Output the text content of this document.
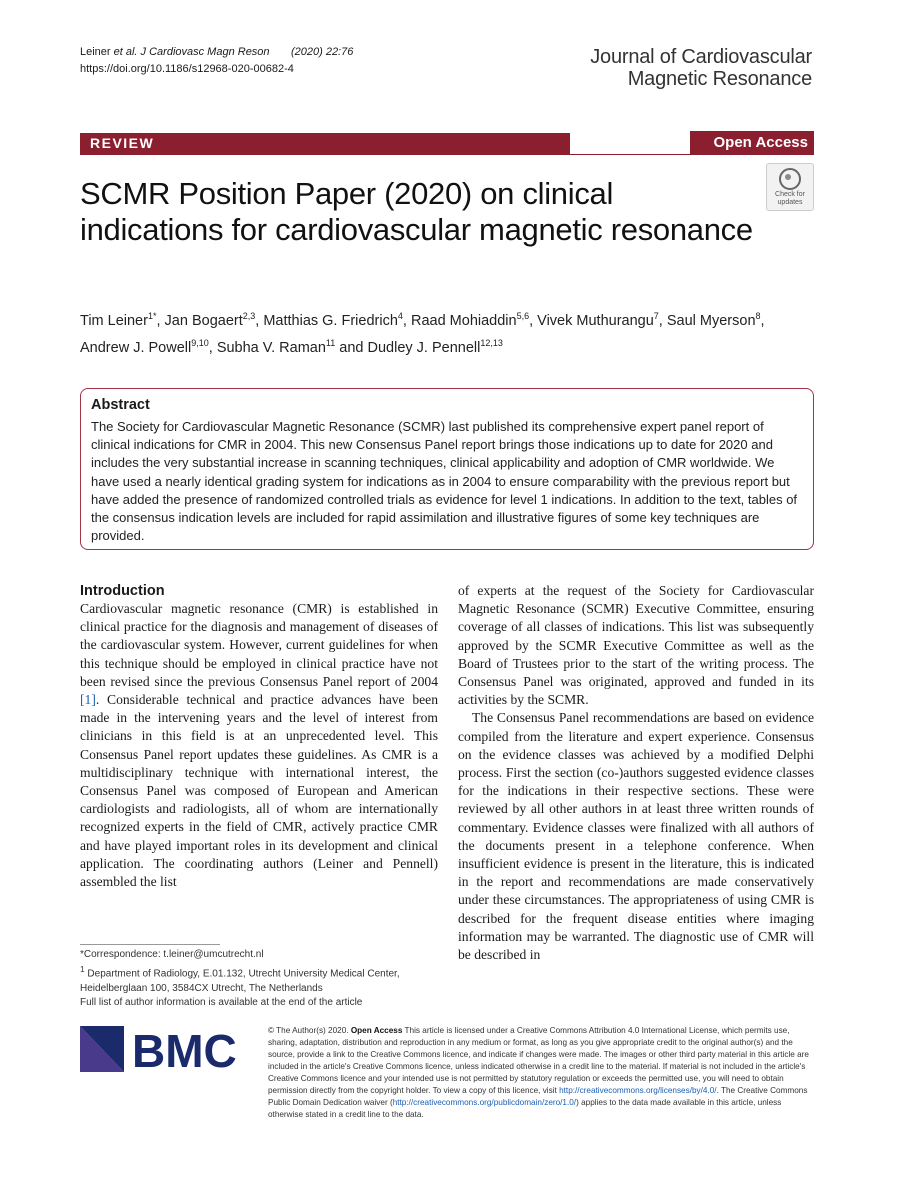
Leiner et al. J Cardiovasc Magn Reson (2020) 22:76
https://doi.org/10.1186/s12968-020-00682-4
Journal of Cardiovascular
Magnetic Resonance
REVIEW	Open Access
Check for
updates
SCMR Position Paper (2020) on clinical indications for cardiovascular magnetic resonance
Tim Leiner$^{1*}$, Jan Bogaert$^{2,3}$, Matthias G. Friedrich$^4$, Raad Mohiaddin$^{5,6}$, Vivek Muthurangu$^7$, Saul Myerson$^8$, Andrew J. Powell$^{9,10}$, Subha V. Raman$^{11}$ and Dudley J. Pennell$^{12,13}$
Abstract
The Society for Cardiovascular Magnetic Resonance (SCMR) last published its comprehensive expert panel report of clinical indications for CMR in 2004. This new Consensus Panel report brings those indications up to date for 2020 and includes the very substantial increase in scanning techniques, clinical applicability and adoption of CMR worldwide. We have used a nearly identical grading system for indications as in 2004 to ensure comparability with the previous report but have added the presence of randomized controlled trials as evidence for level 1 indications. In addition to the text, tables of the consensus indication levels are included for rapid assimilation and illustrative figures of some key techniques are provided.
Introduction
Cardiovascular magnetic resonance (CMR) is established in clinical practice for the diagnosis and management of diseases of the cardiovascular system. However, current guidelines for when this technique should be employed in clinical practice have not been revised since the previous Consensus Panel report of 2004 [1]. Considerable technical and practice advances have been made in the intervening years and the level of interest from clinicians in this field is at an unprecedented level. This Consensus Panel report updates these guidelines. As CMR is a multidisciplinary technique with international interest, the Consensus Panel was composed of European and American cardiologists and radiologists, all of whom are internationally recognized experts in the field of CMR, actively practice CMR and have played important roles in its development and clinical application. The coordinating authors (Leiner and Pennell) assembled the list
of experts at the request of the Society for Cardiovascular Magnetic Resonance (SCMR) Executive Committee, ensuring coverage of all classes of indications. This list was subsequently approved by the SCMR Executive Committee as well as the Board of Trustees prior to the start of the writing process. The Consensus Panel was originated, approved and funded in its activities by the SCMR.
The Consensus Panel recommendations are based on evidence compiled from the literature and expert experience. Consensus on the evidence classes was achieved by a modified Delphi process. First the section (co-)authors suggested evidence classes for the indications in their respective sections. These were reviewed by all other authors in at least three written rounds of commentary. Evidence classes were finalized with all authors of the documents present in a telephone conference. When insufficient evidence is present in the literature, this is indicated in the report and recommendations are made conservatively under these circumstances. The appropriateness of using CMR is described for the frequent disease entities where imaging information may be warranted. The diagnostic use of CMR will be described in
*Correspondence: t.leiner@umcutrecht.nl
$^1$ Department of Radiology, E.01.132, Utrecht University Medical Center, Heidelberglaan 100, 3584CX Utrecht, The Netherlands
Full list of author information is available at the end of the article
BMC	© The Author(s) 2020. Open Access This article is licensed under a Creative Commons Attribution 4.0 International License, which permits use, sharing, adaptation, distribution and reproduction in any medium or format, as long as you give appropriate credit to the original author(s) and the source, provide a link to the Creative Commons licence, and indicate if changes were made. The images or other third party material in this article are included in the article's Creative Commons licence, unless indicated otherwise in a credit line to the material. If material is not included in the article's Creative Commons licence and your intended use is not permitted by statutory regulation or exceeds the permitted use, you will need to obtain permission directly from the copyright holder. To view a copy of this licence, visit http://creativecommons.org/licenses/by/4.0/. The Creative Commons Public Domain Dedication waiver (http://creativecommons.org/publicdomain/zero/1.0/) applies to the data made available in this article, unless otherwise stated in a credit line to the data.
